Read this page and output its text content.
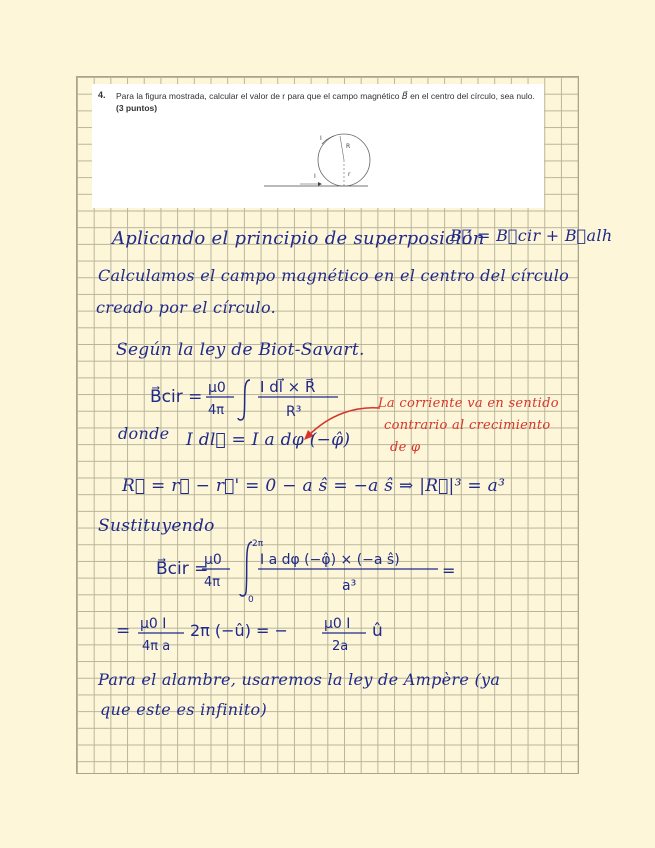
4. Para la figura mostrada, calcular el valor de r para que el campo magnético B⃗ en el centro del círculo, sea nulo. (3 puntos)
I
R
I
r
Aplicando el principio de superposición
B⃗ = B⃗cir + B⃗alh
Calculamos el campo magnético en el centro del círculo
creado por el círculo.
Según la ley de Biot-Savart.
B⃗cir = μ0
4π
I dl⃗ × R⃗
R³
La corriente va en sentido
contrario al crecimiento
de φ
donde I dl⃗ = I a dφ (−φ̂)
R⃗ = r⃗ − r⃗' = 0 − a ŝ = −a ŝ ⇒ |R⃗|³ = a³
Sustituyendo
B⃗cir =
μ0
4π
2π
0
I a dφ (−φ̂) × (−a ŝ)
a³
=
= μ0 I
4π a
2π (−û) = −	μ0 I
2a
û
Para el alambre, usaremos la ley de Ampère (ya
que este es infinito)
